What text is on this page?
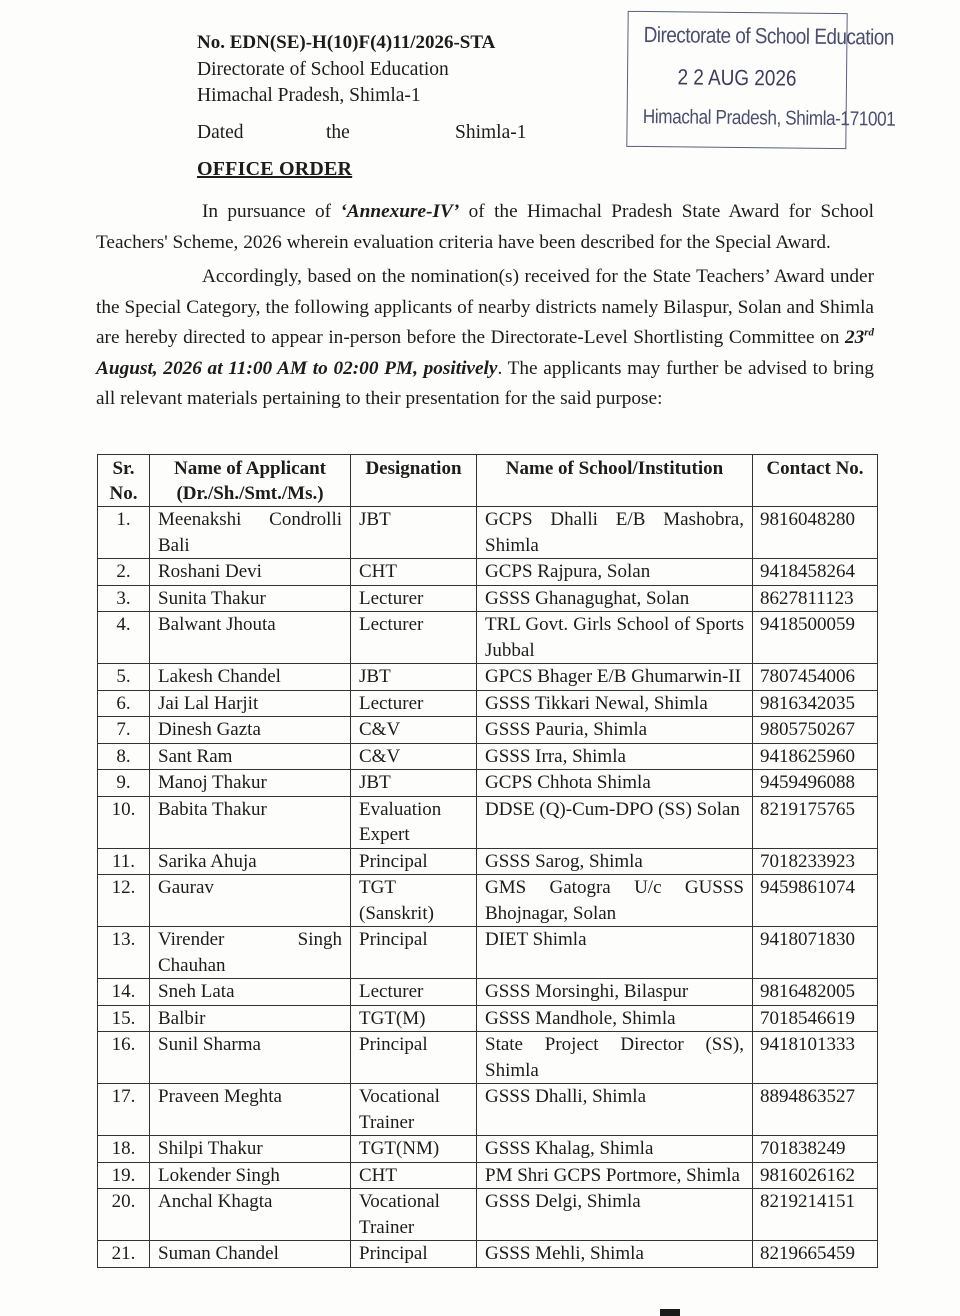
No. EDN(SE)-H(10)F(4)11/2026-STA
Directorate of School Education
Himachal Pradesh, Shimla-1
Dated	the	Shimla-1
Directorate of School Education
2 2 AUG 2026
Himachal Pradesh, Shimla-171001
OFFICE ORDER

In pursuance of ‘Annexure-IV’ of the Himachal Pradesh State Award for School Teachers' Scheme, 2026 wherein evaluation criteria have been described for the Special Award.

Accordingly, based on the nomination(s) received for the State Teachers’ Award under the Special Category, the following applicants of nearby districts namely Bilaspur, Solan and Shimla are hereby directed to appear in-person before the Directorate-Level Shortlisting Committee on 23rd August, 2026 at 11:00 AM to 02:00 PM, positively. The applicants may further be advised to bring all relevant materials pertaining to their presentation for the said purpose:

Sr. No.	Name of Applicant (Dr./Sh./Smt./Ms.)	Designation	Name of School/Institution	Contact No.
1.	Meenakshi Condrolli Bali	JBT	GCPS Dhalli E/B Mashobra, Shimla	9816048280
2.	Roshani Devi	CHT	GCPS Rajpura, Solan	9418458264
3.	Sunita Thakur	Lecturer	GSSS Ghanagughat, Solan	8627811123
4.	Balwant Jhouta	Lecturer	TRL Govt. Girls School of Sports Jubbal	9418500059
5.	Lakesh Chandel	JBT	GPCS Bhager E/B Ghumarwin-II	7807454006
6.	Jai Lal Harjit	Lecturer	GSSS Tikkari Newal, Shimla	9816342035
7.	Dinesh Gazta	C&V	GSSS Pauria, Shimla	9805750267
8.	Sant Ram	C&V	GSSS Irra, Shimla	9418625960
9.	Manoj Thakur	JBT	GCPS Chhota Shimla	9459496088
10.	Babita Thakur	Evaluation Expert	DDSE (Q)-Cum-DPO (SS) Solan	8219175765
11.	Sarika Ahuja	Principal	GSSS Sarog, Shimla	7018233923
12.	Gaurav	TGT (Sanskrit)	GMS Gatogra U/c GUSSS Bhojnagar, Solan	9459861074
13.	Virender Singh Chauhan	Principal	DIET Shimla	9418071830
14.	Sneh Lata	Lecturer	GSSS Morsinghi, Bilaspur	9816482005
15.	Balbir	TGT(M)	GSSS Mandhole, Shimla	7018546619
16.	Sunil Sharma	Principal	State Project Director (SS), Shimla	9418101333
17.	Praveen Meghta	Vocational Trainer	GSSS Dhalli, Shimla	8894863527
18.	Shilpi Thakur	TGT(NM)	GSSS Khalag, Shimla	701838249
19.	Lokender Singh	CHT	PM Shri GCPS Portmore, Shimla	9816026162
20.	Anchal Khagta	Vocational Trainer	GSSS Delgi, Shimla	8219214151
21.	Suman Chandel	Principal	GSSS Mehli, Shimla	8219665459
